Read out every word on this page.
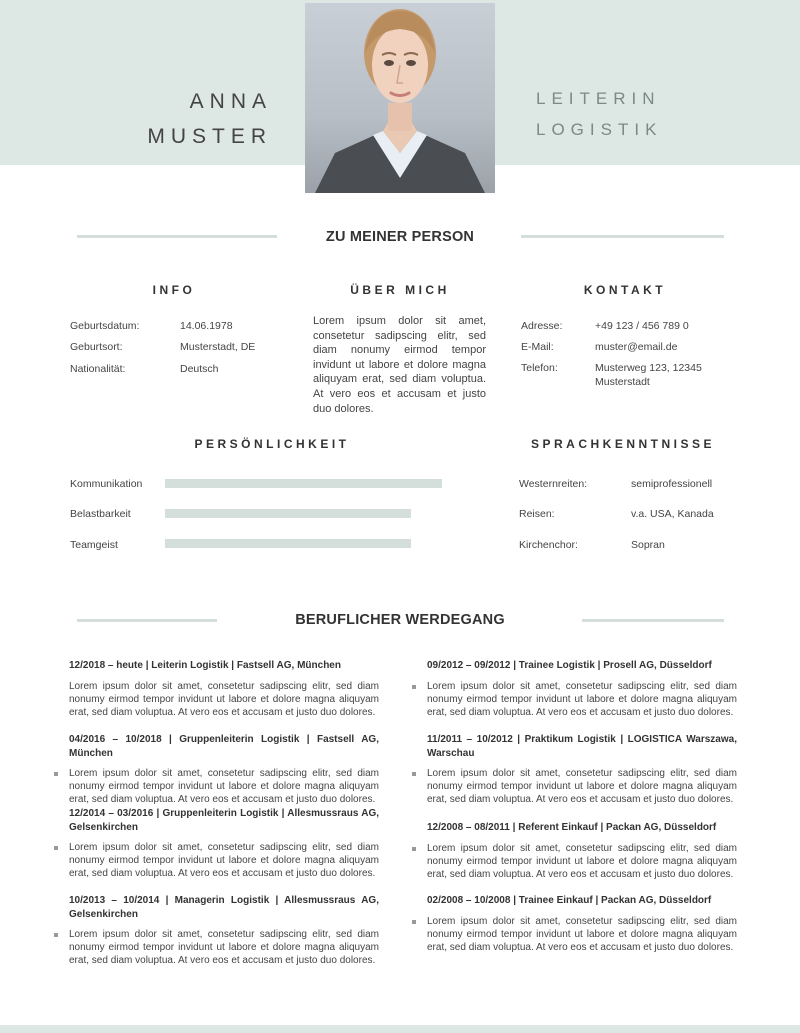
ANNA
MUSTER
LEITERIN
LOGISTIK
ZU MEINER PERSON
INFO
Geburtsdatum:	14.06.1978
Geburtsort:	Musterstadt, DE
Nationalität:	Deutsch
ÜBER MICH
Lorem ipsum dolor sit amet, consetetur sadipscing elitr, sed diam nonumy eirmod tempor invidunt ut labore et dolore magna aliquyam erat, sed diam voluptua. At vero eos et accusam et justo duo dolores.
KONTAKT
Adresse:	+49 123 / 456 789 0
E-Mail:	muster@email.de
Telefon:	Musterweg 123, 12345 Musterstadt
PERSÖNLICHKEIT
Kommunikation
Belastbarkeit
Teamgeist
SPRACHKENNTNISSE
Westernreiten:	semiprofessionell
Reisen:	v.a. USA, Kanada
Kirchenchor:	Sopran
BERUFLICHER WERDEGANG
12/2018 – heute | Leiterin Logistik | Fastsell AG, München
Lorem ipsum dolor sit amet, consetetur sadipscing elitr, sed diam nonumy eirmod tempor invidunt ut labore et dolore magna aliquyam erat, sed diam voluptua. At vero eos et accusam et justo duo dolores.
04/2016 – 10/2018 | Gruppenleiterin Logistik | Fastsell AG, München
Lorem ipsum dolor sit amet, consetetur sadipscing elitr, sed diam nonumy eirmod tempor invidunt ut labore et dolore magna aliquyam erat, sed diam voluptua. At vero eos et accusam et justo duo dolores.
12/2014 – 03/2016 | Gruppenleiterin Logistik | Allesmussraus AG, Gelsenkirchen
Lorem ipsum dolor sit amet, consetetur sadipscing elitr, sed diam nonumy eirmod tempor invidunt ut labore et dolore magna aliquyam erat, sed diam voluptua. At vero eos et accusam et justo duo dolores.
10/2013 – 10/2014 | Managerin Logistik | Allesmussraus AG, Gelsenkirchen
Lorem ipsum dolor sit amet, consetetur sadipscing elitr, sed diam nonumy eirmod tempor invidunt ut labore et dolore magna aliquyam erat, sed diam voluptua. At vero eos et accusam et justo duo dolores.
09/2012 – 09/2012 | Trainee Logistik | Prosell AG, Düsseldorf
Lorem ipsum dolor sit amet, consetetur sadipscing elitr, sed diam nonumy eirmod tempor invidunt ut labore et dolore magna aliquyam erat, sed diam voluptua. At vero eos et accusam et justo duo dolores.
11/2011 – 10/2012 | Praktikum Logistik | LOGISTICA Warszawa, Warschau
Lorem ipsum dolor sit amet, consetetur sadipscing elitr, sed diam nonumy eirmod tempor invidunt ut labore et dolore magna aliquyam erat, sed diam voluptua. At vero eos et accusam et justo duo dolores.
12/2008 – 08/2011 | Referent Einkauf | Packan AG, Düsseldorf
Lorem ipsum dolor sit amet, consetetur sadipscing elitr, sed diam nonumy eirmod tempor invidunt ut labore et dolore magna aliquyam erat, sed diam voluptua. At vero eos et accusam et justo duo dolores.
02/2008 – 10/2008 | Trainee Einkauf | Packan AG, Düsseldorf
Lorem ipsum dolor sit amet, consetetur sadipscing elitr, sed diam nonumy eirmod tempor invidunt ut labore et dolore magna aliquyam erat, sed diam voluptua. At vero eos et accusam et justo duo dolores.
